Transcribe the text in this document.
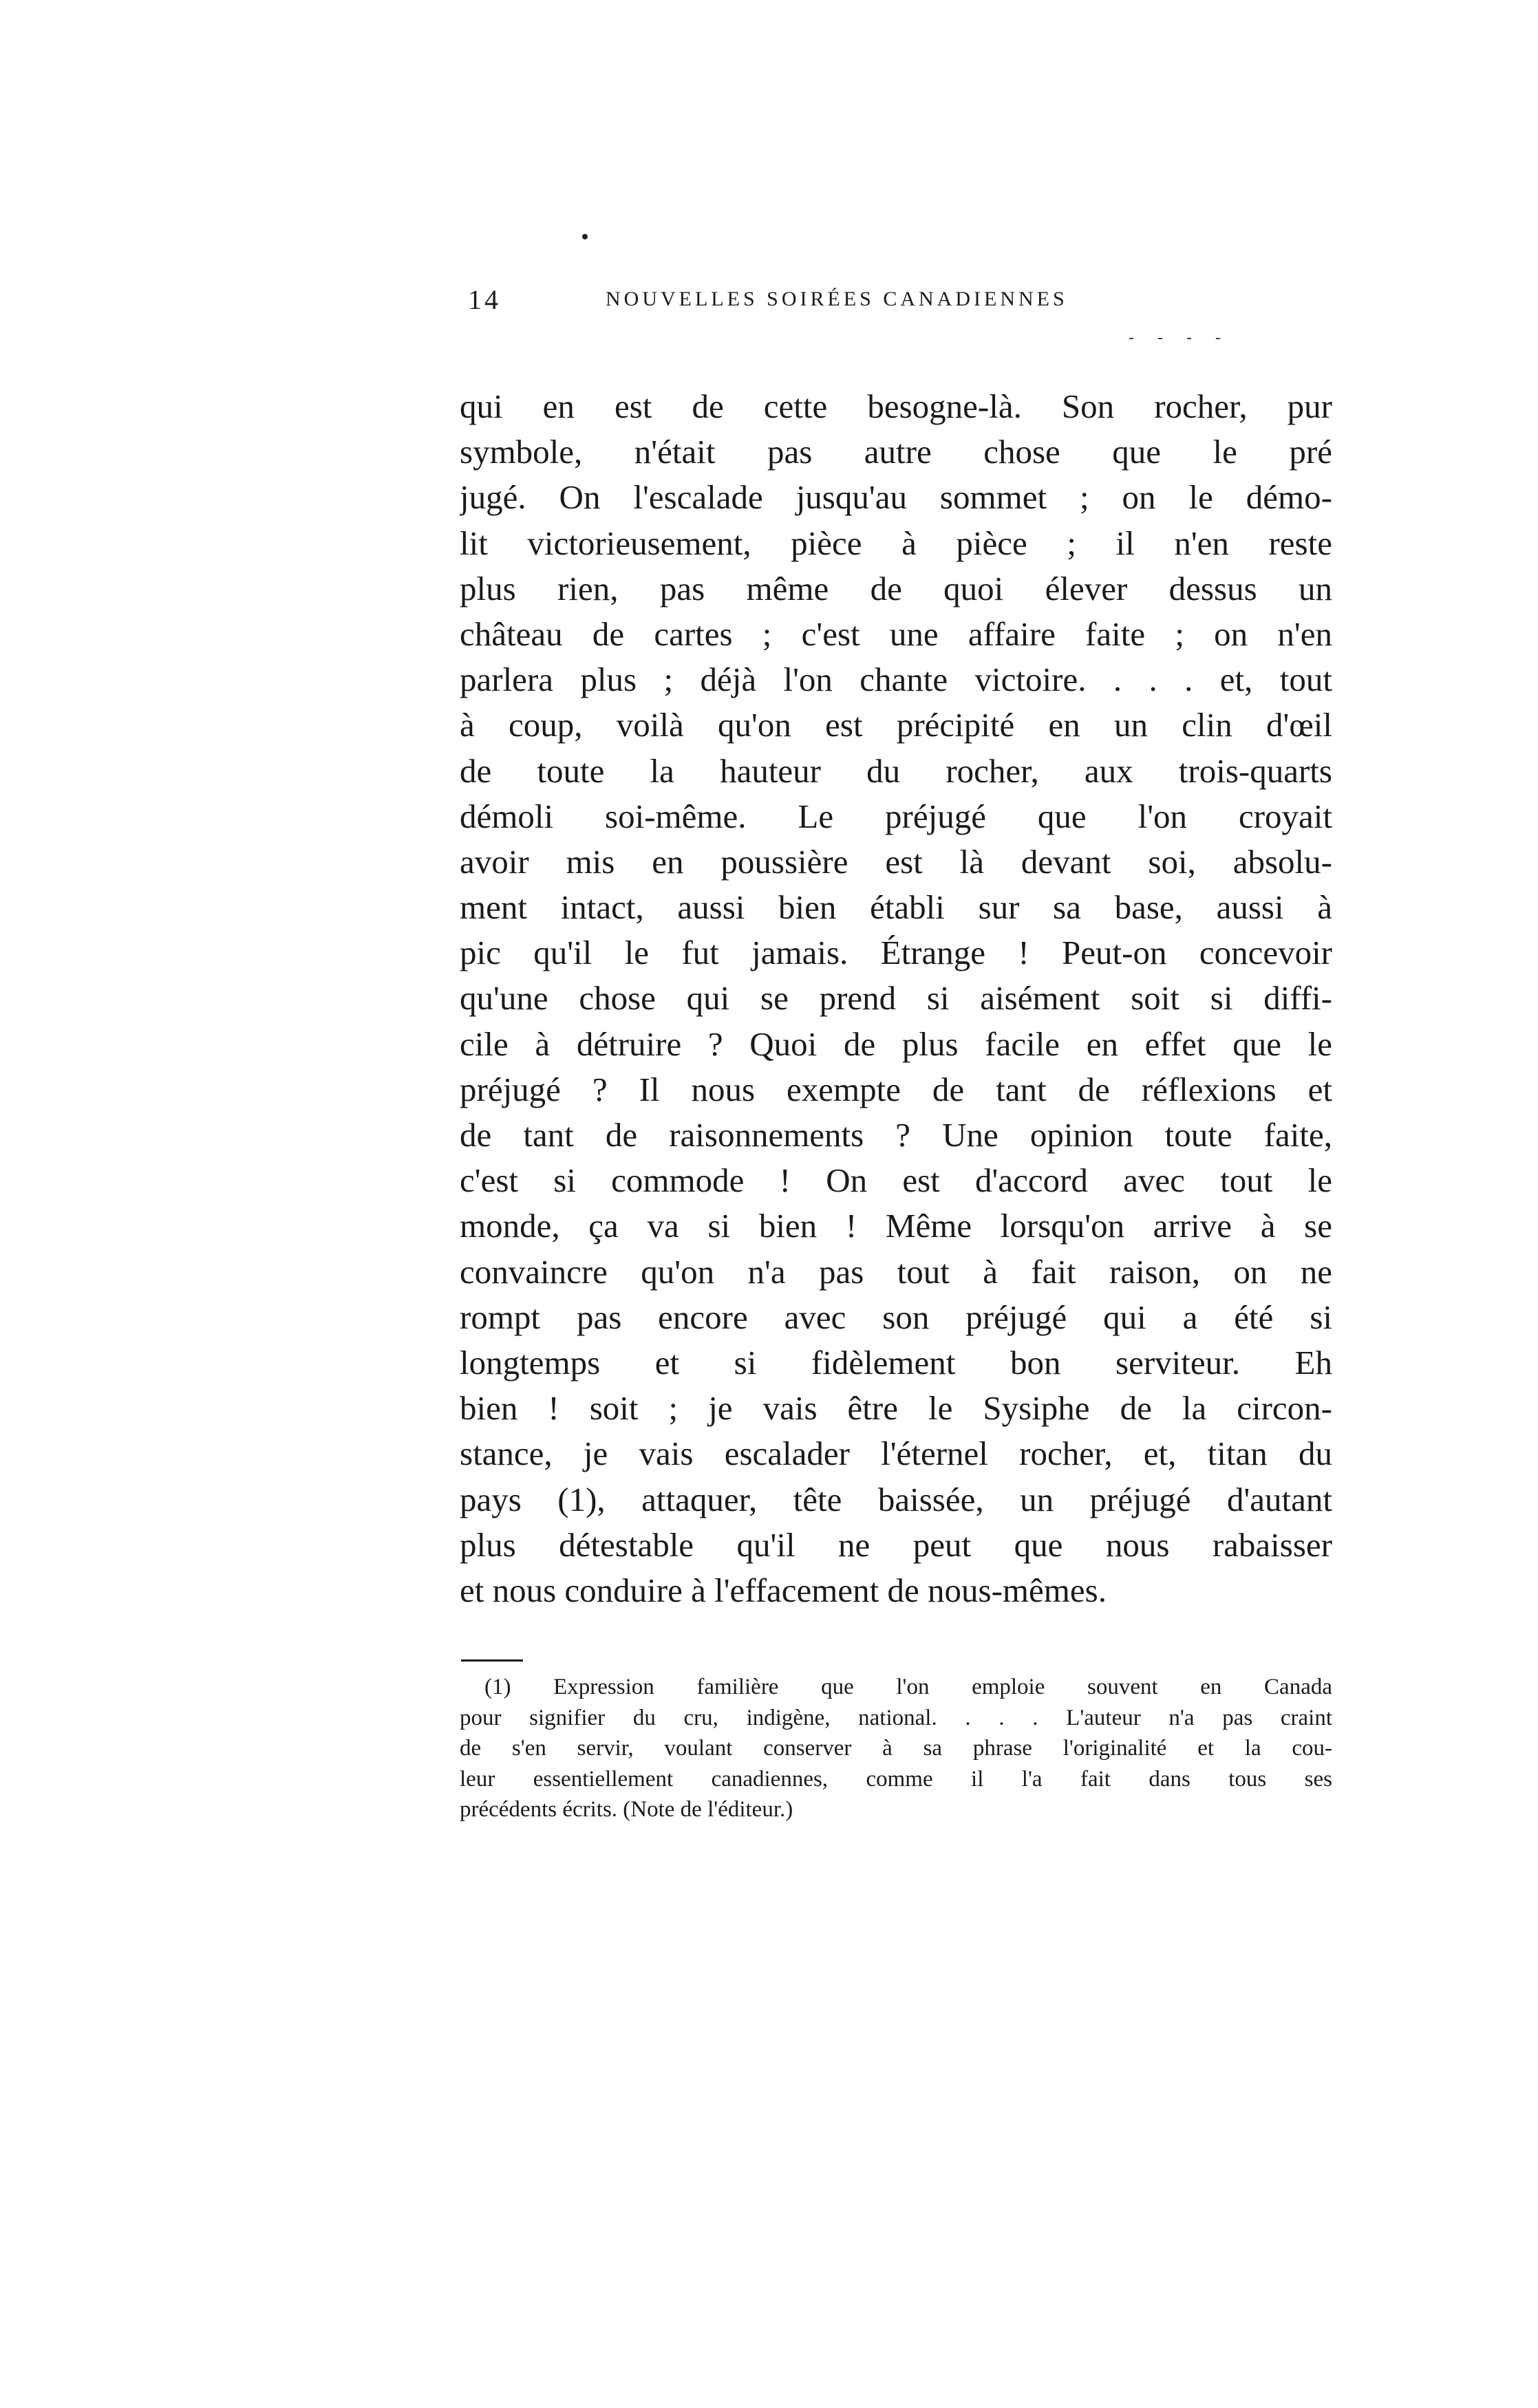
14	NOUVELLES SOIRÉES CANADIENNES
- - - -
qui en est de cette besogne-là. Son rocher, pur
symbole, n'était pas autre chose que le pré
jugé. On l'escalade jusqu'au sommet ; on le démo-
lit victorieusement, pièce à pièce ; il n'en reste
plus rien, pas même de quoi élever dessus un
château de cartes ; c'est une affaire faite ; on n'en
parlera plus ; déjà l'on chante victoire. . . . et, tout
à coup, voilà qu'on est précipité en un clin d'œil
de toute la hauteur du rocher, aux trois-quarts
démoli soi-même. Le préjugé que l'on croyait
avoir mis en poussière est là devant soi, absolu-
ment intact, aussi bien établi sur sa base, aussi à
pic qu'il le fut jamais. Étrange ! Peut-on concevoir
qu'une chose qui se prend si aisément soit si diffi-
cile à détruire ? Quoi de plus facile en effet que le
préjugé ? Il nous exempte de tant de réflexions et
de tant de raisonnements ? Une opinion toute faite,
c'est si commode ! On est d'accord avec tout le
monde, ça va si bien ! Même lorsqu'on arrive à se
convaincre qu'on n'a pas tout à fait raison, on ne
rompt pas encore avec son préjugé qui a été si
longtemps et si fidèlement bon serviteur. Eh
bien ! soit ; je vais être le Sysiphe de la circon-
stance, je vais escalader l'éternel rocher, et, titan du
pays (1), attaquer, tête baissée, un préjugé d'autant
plus détestable qu'il ne peut que nous rabaisser
et nous conduire à l'effacement de nous-mêmes.
(1) Expression familière que l'on emploie souvent en Canada
pour signifier du cru, indigène, national. . . . L'auteur n'a pas craint
de s'en servir, voulant conserver à sa phrase l'originalité et la cou-
leur essentiellement canadiennes, comme il l'a fait dans tous ses
précédents écrits. (Note de l'éditeur.)
